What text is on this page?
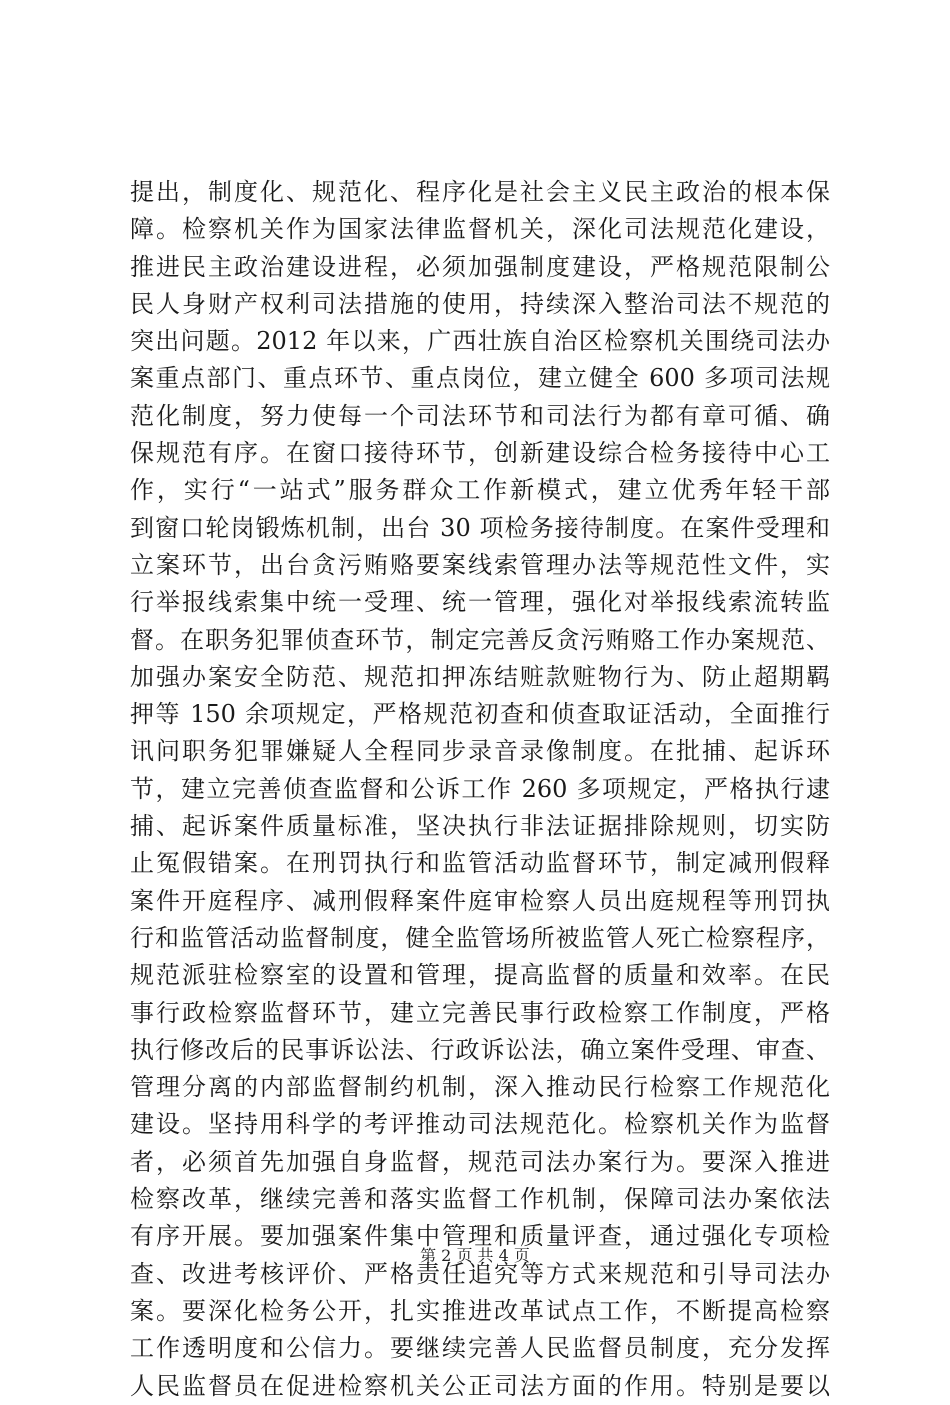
提出，制度化、规范化、程序化是社会主义民主政治的根本保
障。检察机关作为国家法律监督机关，深化司法规范化建设，
推进民主政治建设进程，必须加强制度建设，严格规范限制公
民人身财产权利司法措施的使用，持续深入整治司法不规范的
突出问题。2012 年以来，广西壮族自治区检察机关围绕司法办
案重点部门、重点环节、重点岗位，建立健全 600 多项司法规
范化制度，努力使每一个司法环节和司法行为都有章可循、确
保规范有序。在窗口接待环节，创新建设综合检务接待中心工
作，实行“一站式”服务群众工作新模式，建立优秀年轻干部
到窗口轮岗锻炼机制，出台 30 项检务接待制度。在案件受理和
立案环节，出台贪污贿赂要案线索管理办法等规范性文件，实
行举报线索集中统一受理、统一管理，强化对举报线索流转监
督。在职务犯罪侦查环节，制定完善反贪污贿赂工作办案规范、
加强办案安全防范、规范扣押冻结赃款赃物行为、防止超期羁
押等 150 余项规定，严格规范初查和侦查取证活动，全面推行
讯问职务犯罪嫌疑人全程同步录音录像制度。在批捕、起诉环
节，建立完善侦查监督和公诉工作 260 多项规定，严格执行逮
捕、起诉案件质量标准，坚决执行非法证据排除规则，切实防
止冤假错案。在刑罚执行和监管活动监督环节，制定减刑假释
案件开庭程序、减刑假释案件庭审检察人员出庭规程等刑罚执
行和监管活动监督制度，健全监管场所被监管人死亡检察程序，
规范派驻检察室的设置和管理，提高监督的质量和效率。在民
事行政检察监督环节，建立完善民事行政检察工作制度，严格
执行修改后的民事诉讼法、行政诉讼法，确立案件受理、审查、
管理分离的内部监督制约机制，深入推动民行检察工作规范化
建设。坚持用科学的考评推动司法规范化。检察机关作为监督
者，必须首先加强自身监督，规范司法办案行为。要深入推进
检察改革，继续完善和落实监督工作机制，保障司法办案依法
有序开展。要加强案件集中管理和质量评查，通过强化专项检
查、改进考核评价、严格责任追究等方式来规范和引导司法办
案。要深化检务公开，扎实推进改革试点工作，不断提高检察
工作透明度和公信力。要继续完善人民监督员制度，充分发挥
人民监督员在促进检察机关公正司法方面的作用。特别是要以
第 2 页 共 4 页
